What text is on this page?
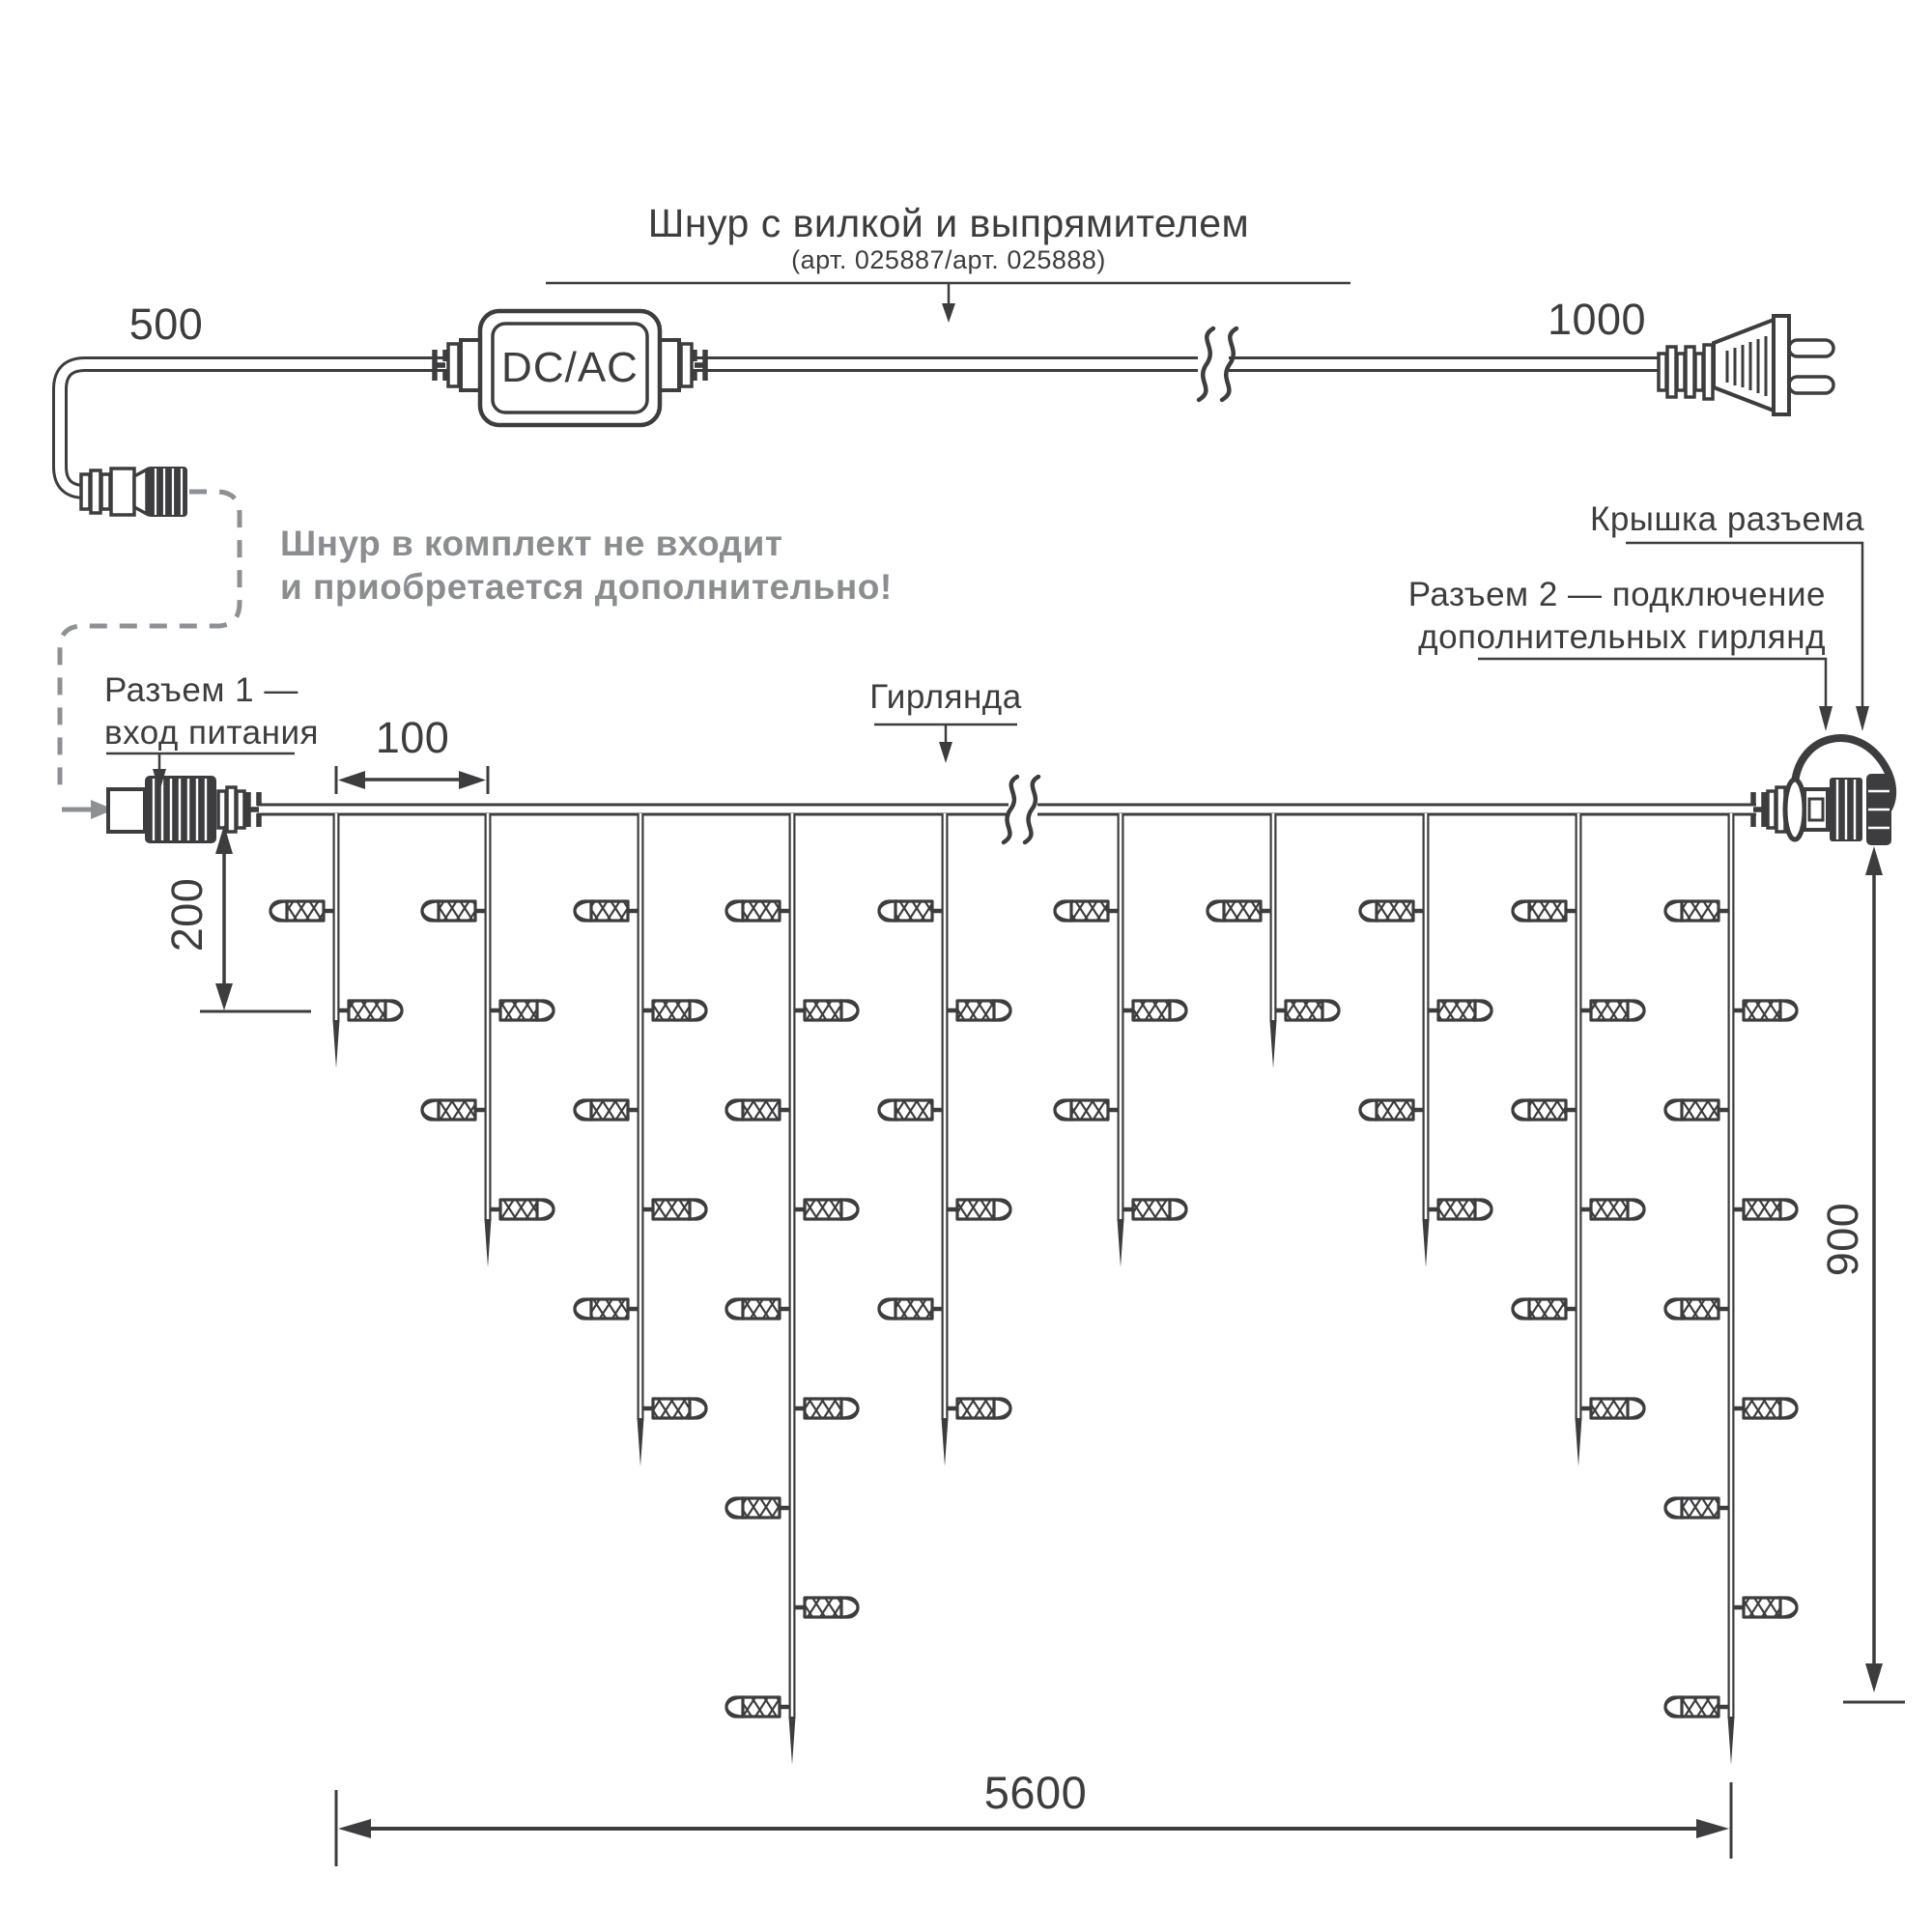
Шнур с вилкой и выпрямителем
(арт. 025887/арт. 025888)
500	1000
DC/AC
Шнур в комплект не входит
и приобретается дополнительно!
Крышка разъема
Разъем 2 — подключение
дополнительных гирлянд
Разъем 1 —
вход питания
Гирлянда
100
200
900
5600
